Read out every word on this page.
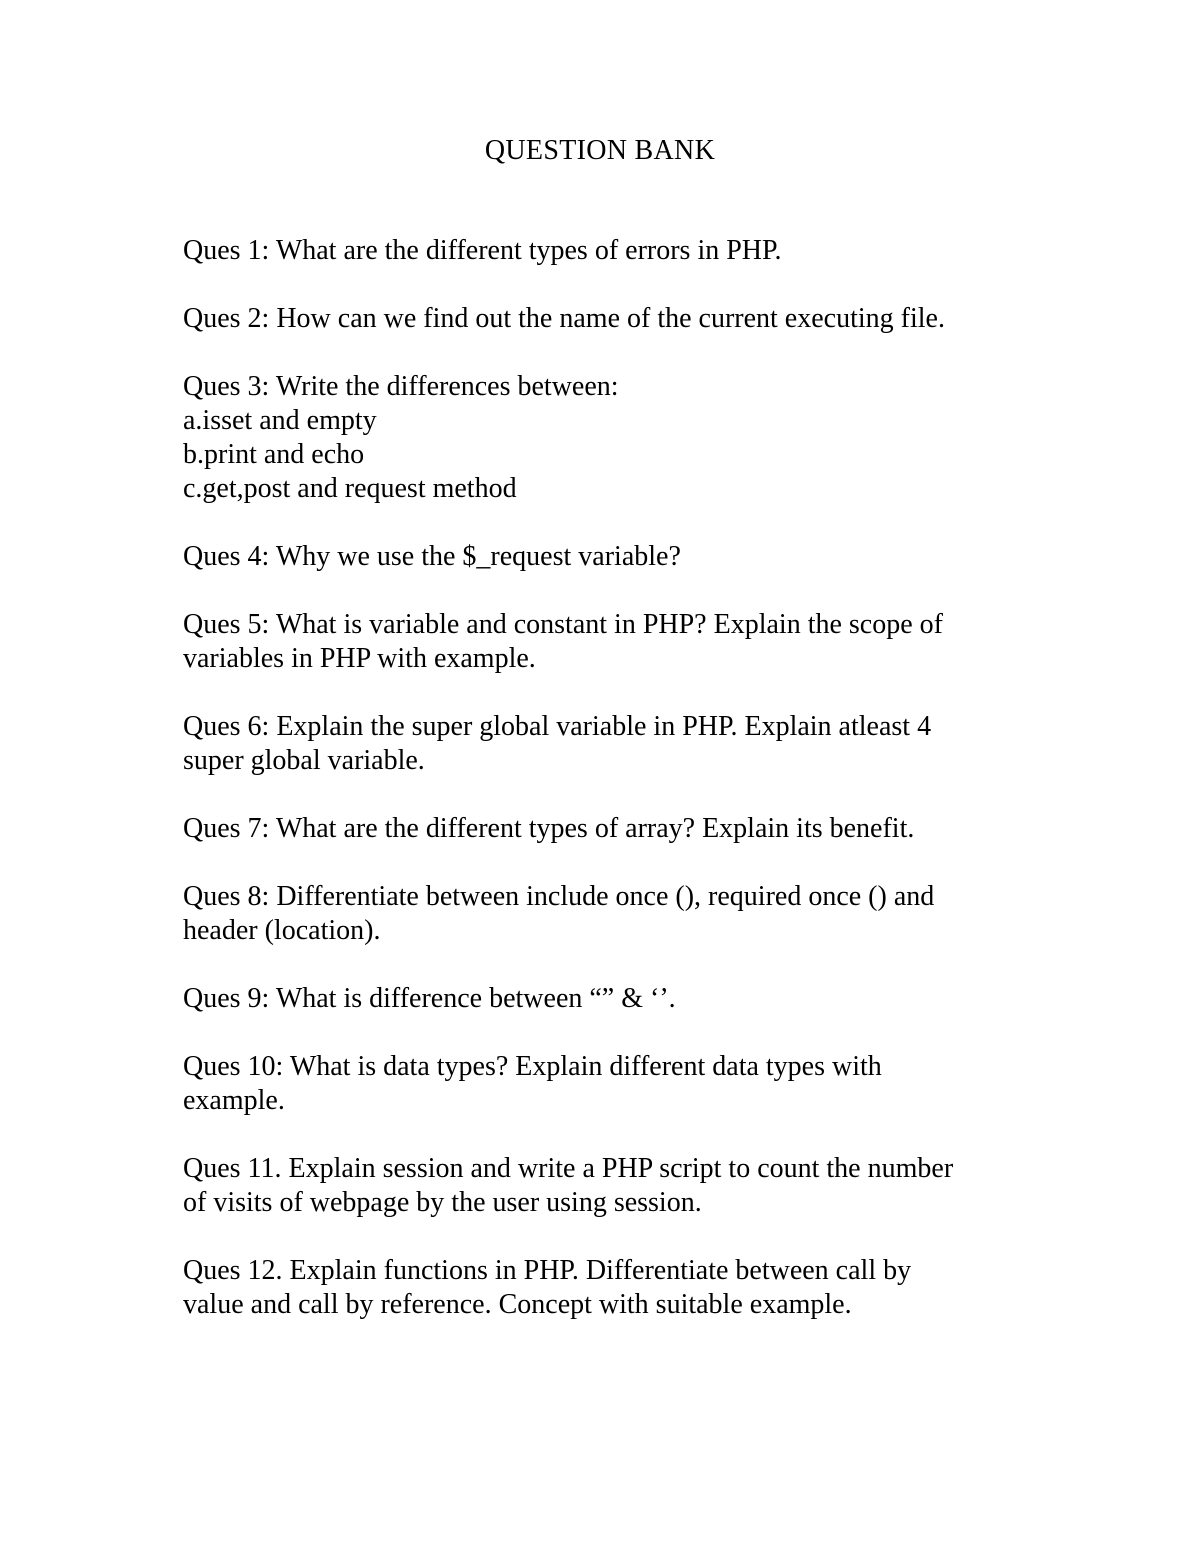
QUESTION BANK
Ques 1: What are the different types of errors in PHP.
Ques 2: How can we find out the name of the current executing file.
Ques 3: Write the differences between:
a.isset and empty
b.print and echo
c.get,post and request method
Ques 4: Why we use the $_request variable?
Ques 5: What is variable and constant in PHP? Explain the scope of
variables in PHP with example.
Ques 6: Explain the super global variable in PHP. Explain atleast 4
super global variable.
Ques 7: What are the different types of array? Explain its benefit.
Ques 8: Differentiate between include once (), required once () and
header (location).
Ques 9: What is difference between “” & ‘’.
Ques 10: What is data types? Explain different data types with
example.
Ques 11. Explain session and write a PHP script to count the number
of visits of webpage by the user using session.
Ques 12. Explain functions in PHP. Differentiate between call by
value and call by reference. Concept with suitable example.
